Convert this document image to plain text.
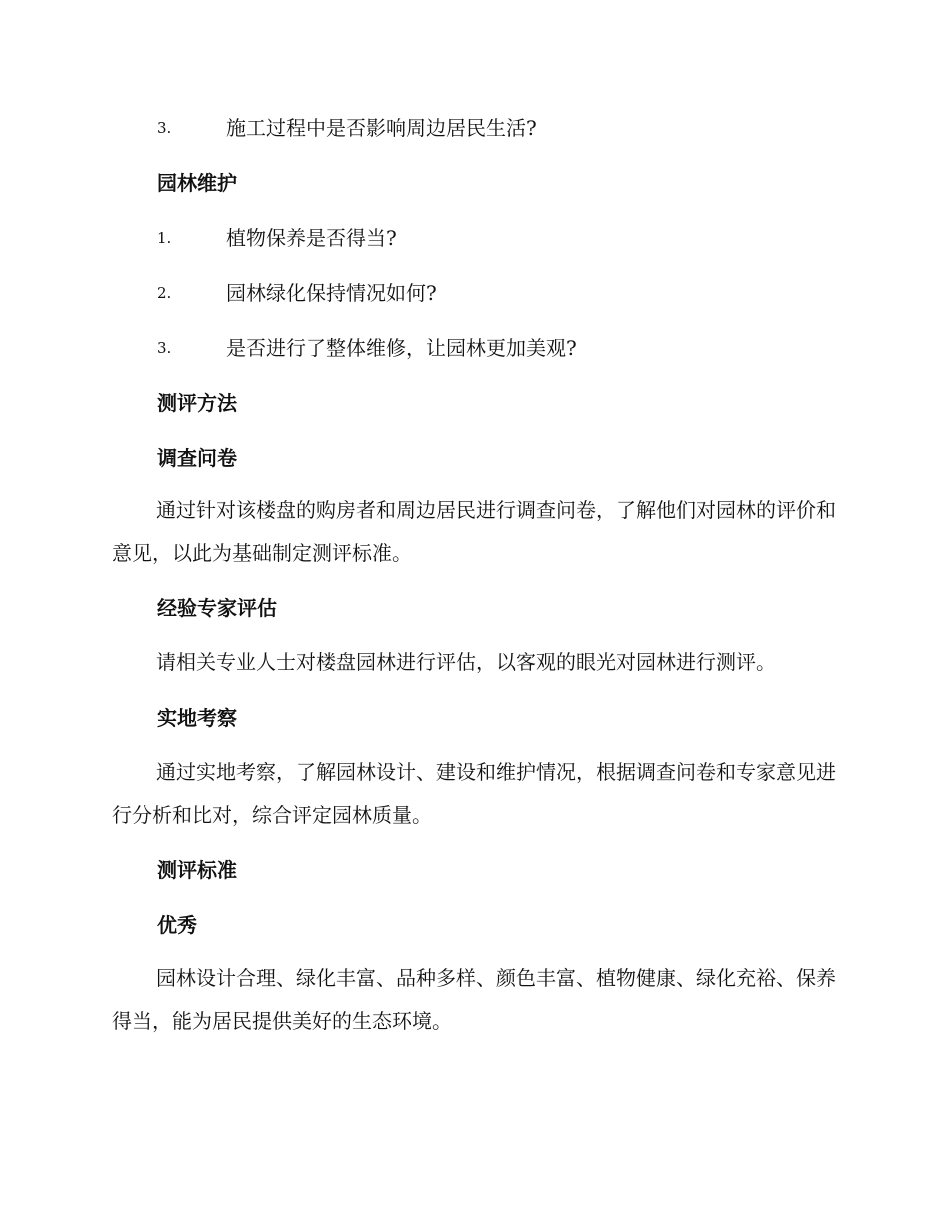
3.	施工过程中是否影响周边居民生活?
园林维护
1.	植物保养是否得当?
2.	园林绿化保持情况如何?
3.	是否进行了整体维修，让园林更加美观?
测评方法
调查问卷

通过针对该楼盘的购房者和周边居民进行调查问卷，了解他们对园林的评价和意见，以此为基础制定测评标准。

经验专家评估

请相关专业人士对楼盘园林进行评估，以客观的眼光对园林进行测评。

实地考察

通过实地考察，了解园林设计、建设和维护情况，根据调查问卷和专家意见进行分析和比对，综合评定园林质量。

测评标准
优秀

园林设计合理、绿化丰富、品种多样、颜色丰富、植物健康、绿化充裕、保养得当，能为居民提供美好的生态环境。
